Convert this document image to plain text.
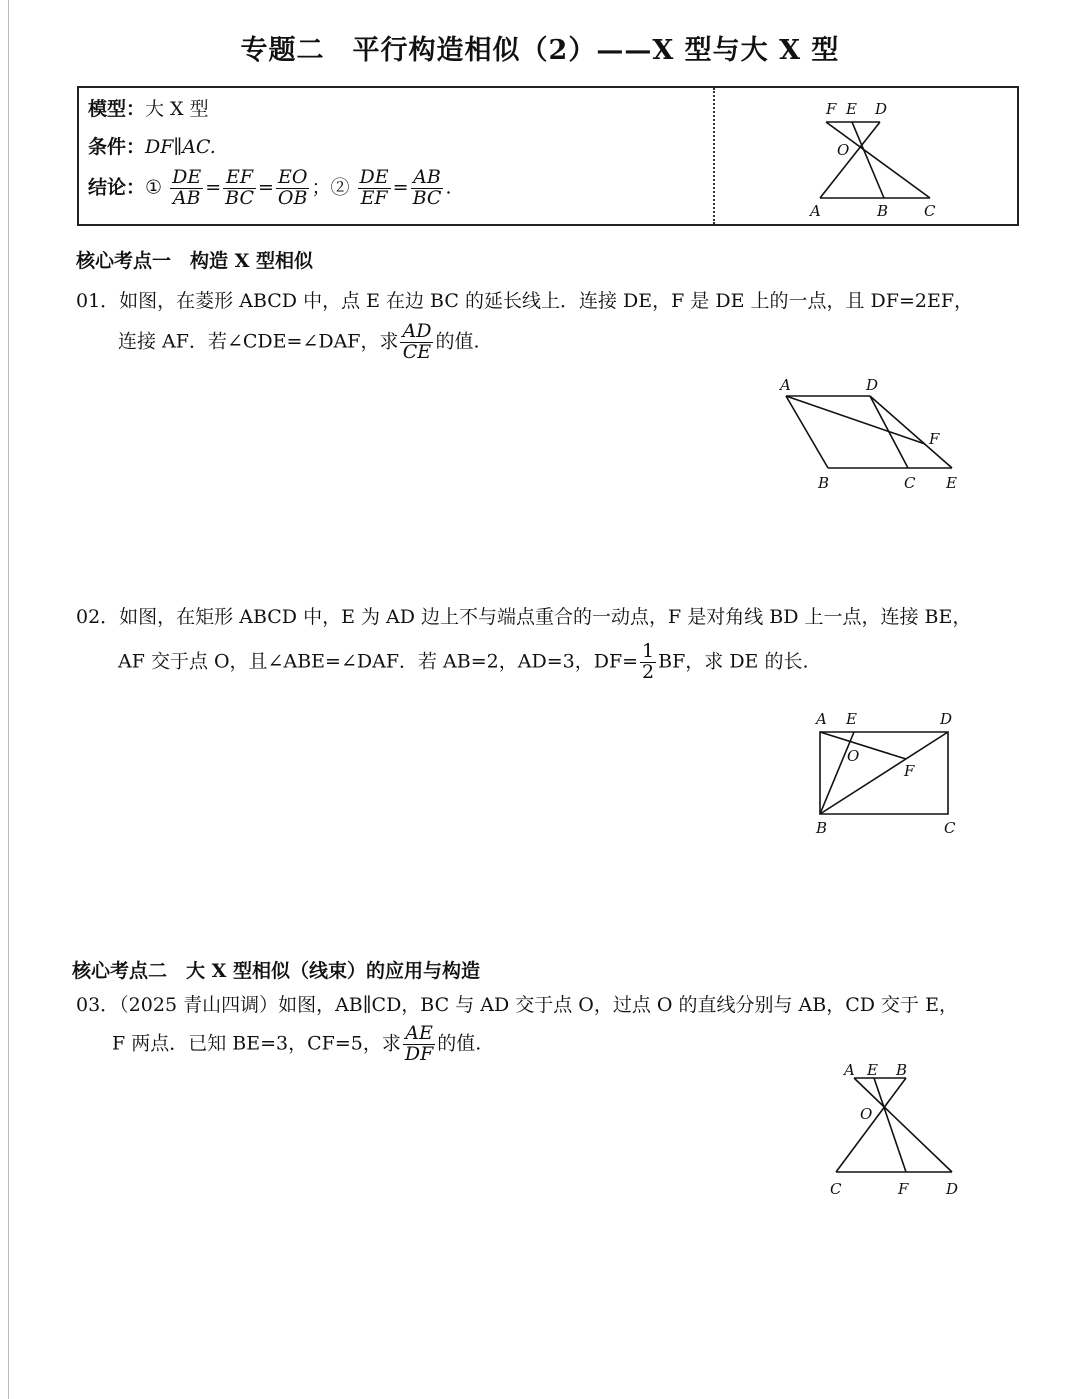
专题二　平行构造相似（2）——X 型与大 X 型
模型：大 X 型
条件：DF∥AC.
结论：① $\frac{DE}{AB} = \frac{EF}{BC} = \frac{EO}{OB}$ ；② $\frac{DE}{EF} = \frac{AB}{BC}$ .
F E D
O
A	B C
核心考点一　构造 X 型相似
01．如图，在菱形 ABCD 中，点 E 在边 BC 的延长线上．连接 DE，F 是 DE 上的一点，且 DF=2EF，
连接 AF．若∠CDE=∠DAF，求 $\frac{AD}{CE}$ 的值.
A	D
F
B	C E
02．如图，在矩形 ABCD 中，E 为 AD 边上不与端点重合的一动点，F 是对角线 BD 上一点，连接 BE，
AF 交于点 O，且∠ABE=∠DAF．若 AB=2，AD=3，$DF= \frac{1}{2}$ BF，求 DE 的长.
A E	D
O
F
B	C
核心考点二　大 X 型相似（线束）的应用与构造
03．（2025 青山四调）如图，AB∥CD，BC 与 AD 交于点 O，过点 O 的直线分别与 AB，CD 交于 E，
F 两点．已知 BE=3，CF=5，求 $\frac{AE}{DF}$ 的值.
A E B
O
C	F	D
